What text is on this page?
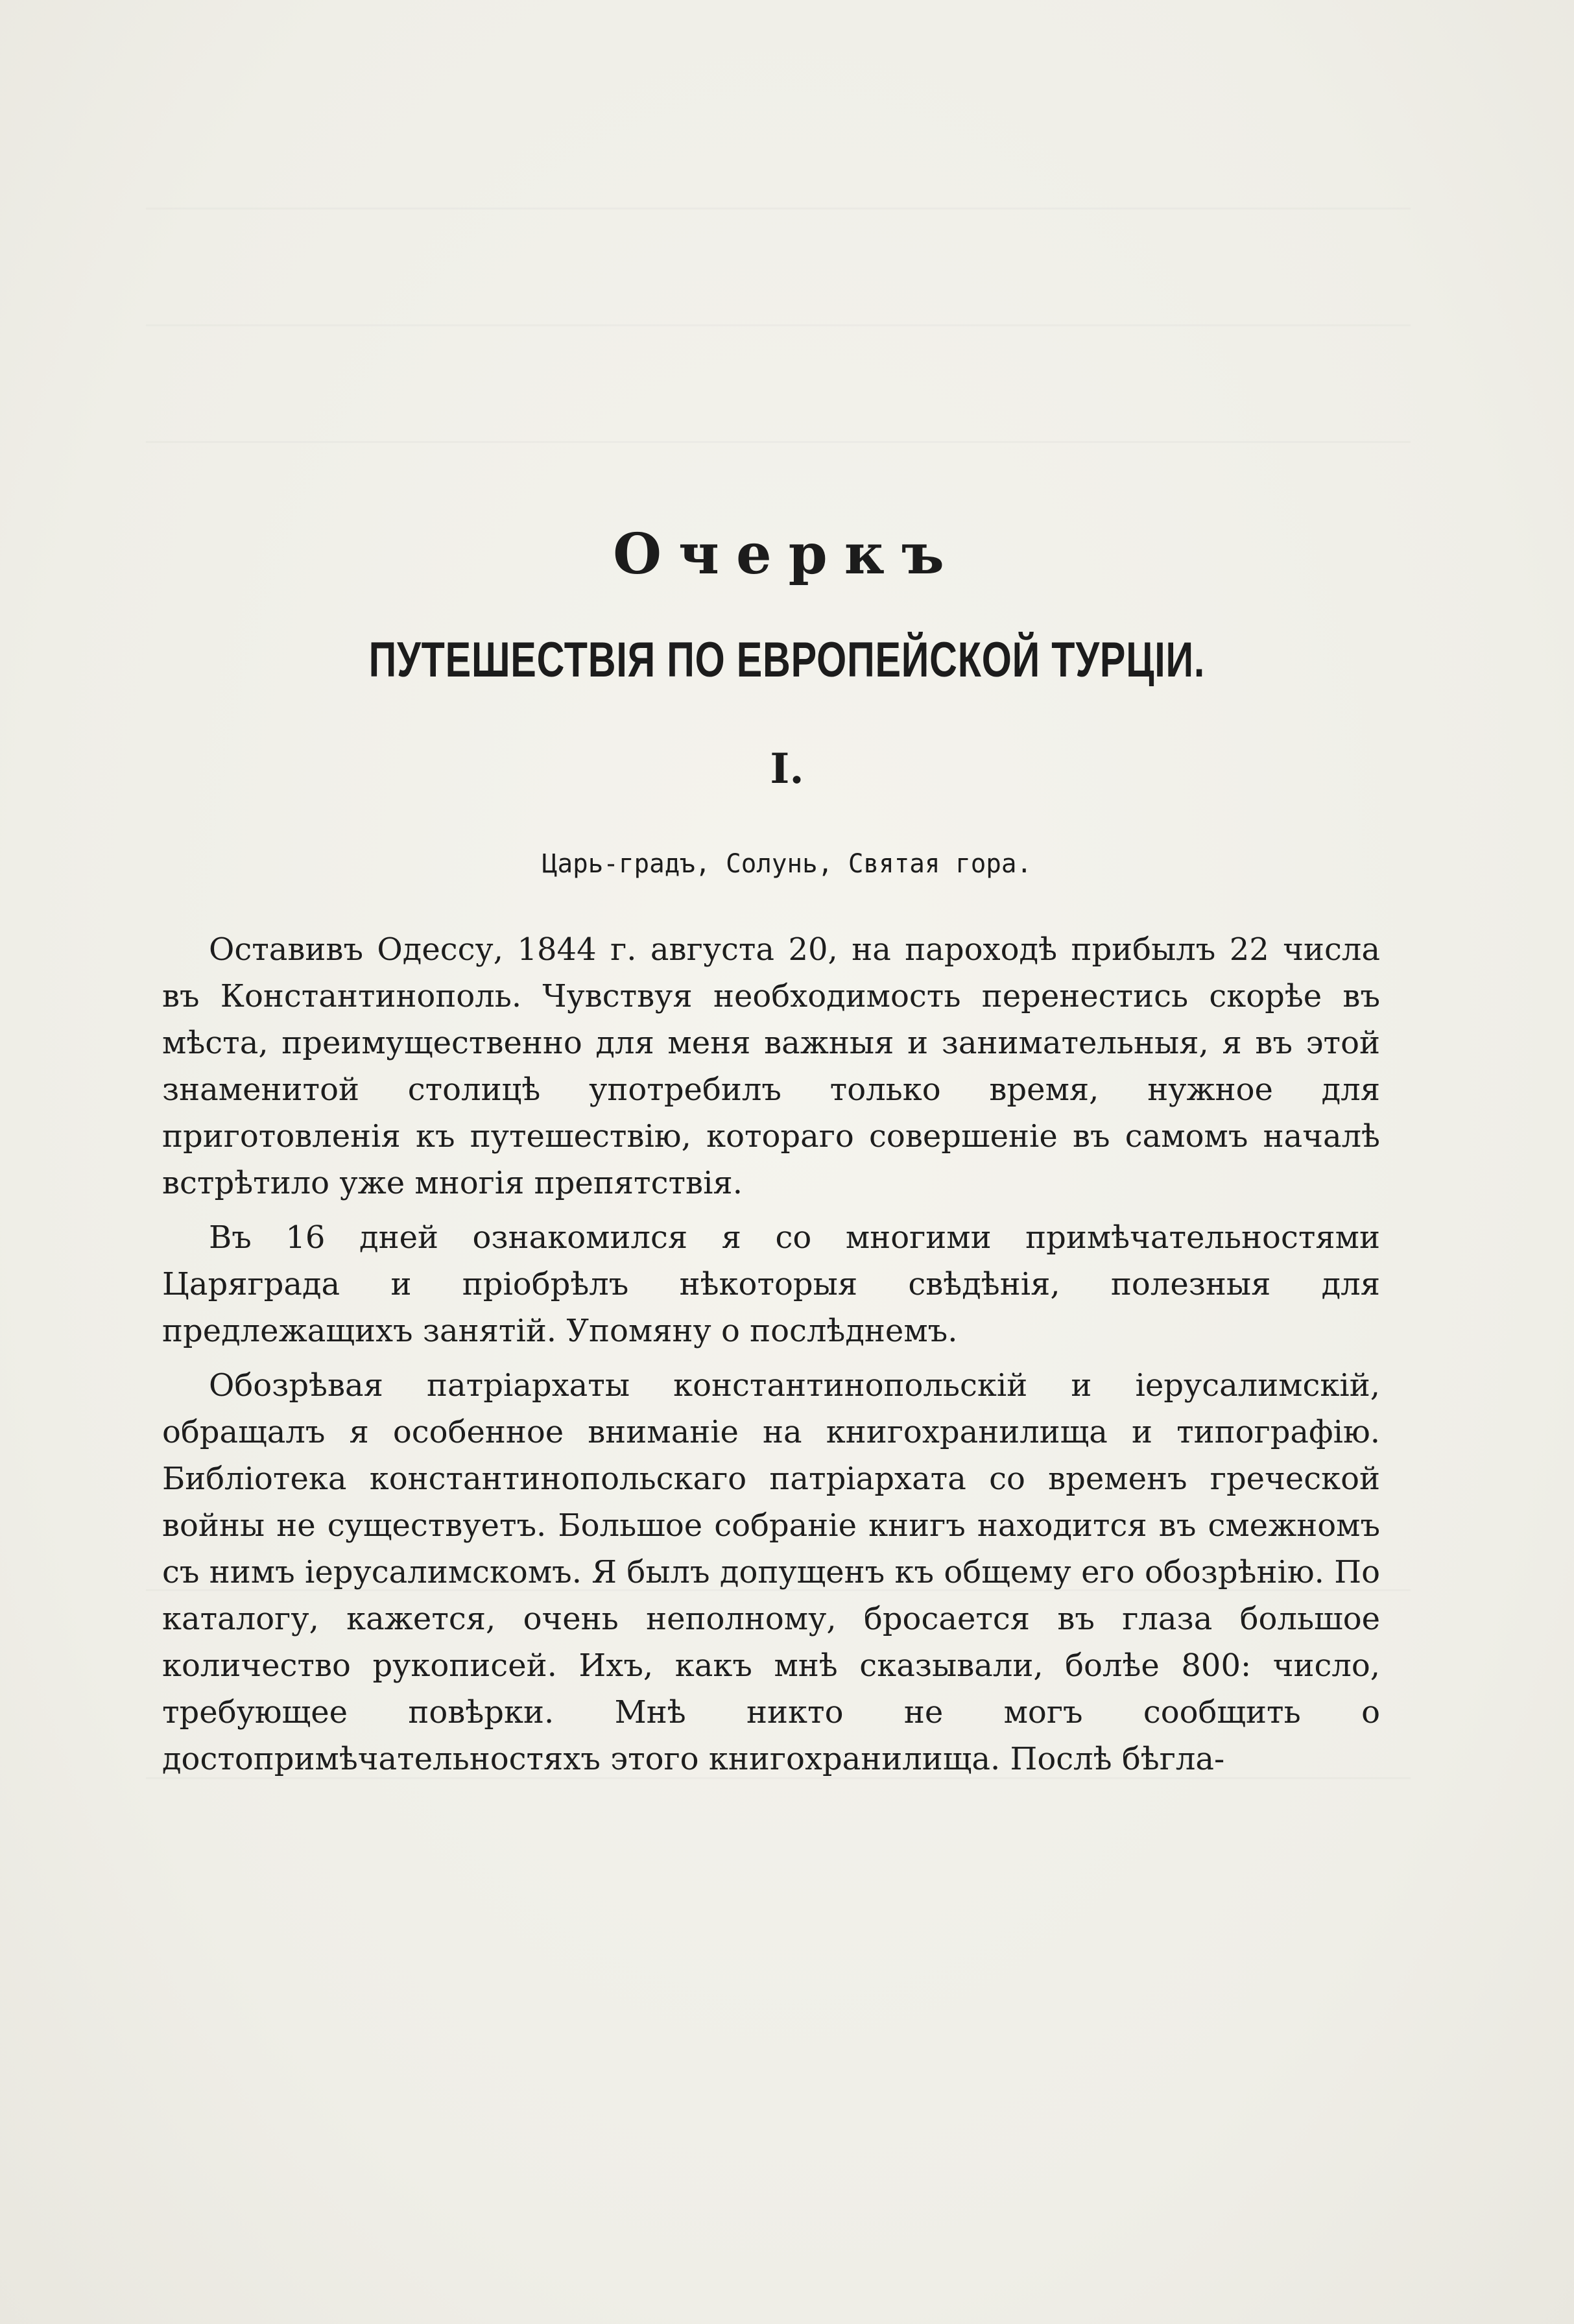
Очеркъ
ПУТЕШЕСТВІЯ ПО ЕВРОПЕЙСКОЙ ТУРЦІИ.
I.
Царь-градъ, Солунь, Святая гора.

Оставивъ Одессу, 1844 г. августа 20, на пароходѣ прибылъ 22 числа въ Константинополь. Чувствуя необходимость перенестись скорѣе въ мѣста, преимущественно для меня важныя и занимательныя, я въ этой знаменитой столицѣ употребилъ только время, нужное для приготовленія къ путешествію, котораго совершеніе въ самомъ началѣ встрѣтило уже многія препятствія.

Въ 16 дней ознакомился я со многими примѣчательностями Царяграда и пріобрѣлъ нѣкоторыя свѣдѣнія, полезныя для предлежащихъ занятій. Упомяну о послѣднемъ.

Обозрѣвая патріархаты константинопольскій и іерусалимскій, обращалъ я особенное вниманіе на книгохранилища и типографію. Библіотека константинопольскаго патріархата со временъ греческой войны не существуетъ. Большое собраніе книгъ находится въ смежномъ съ нимъ іерусалимскомъ. Я былъ допущенъ къ общему его обозрѣнію. По каталогу, кажется, очень неполному, бросается въ глаза большое количество рукописей. Ихъ, какъ мнѣ сказывали, болѣе 800: число, требующее повѣрки. Мнѣ никто не могъ сообщить о достопримѣчательностяхъ этого книгохранилища. Послѣ бѣгла-
